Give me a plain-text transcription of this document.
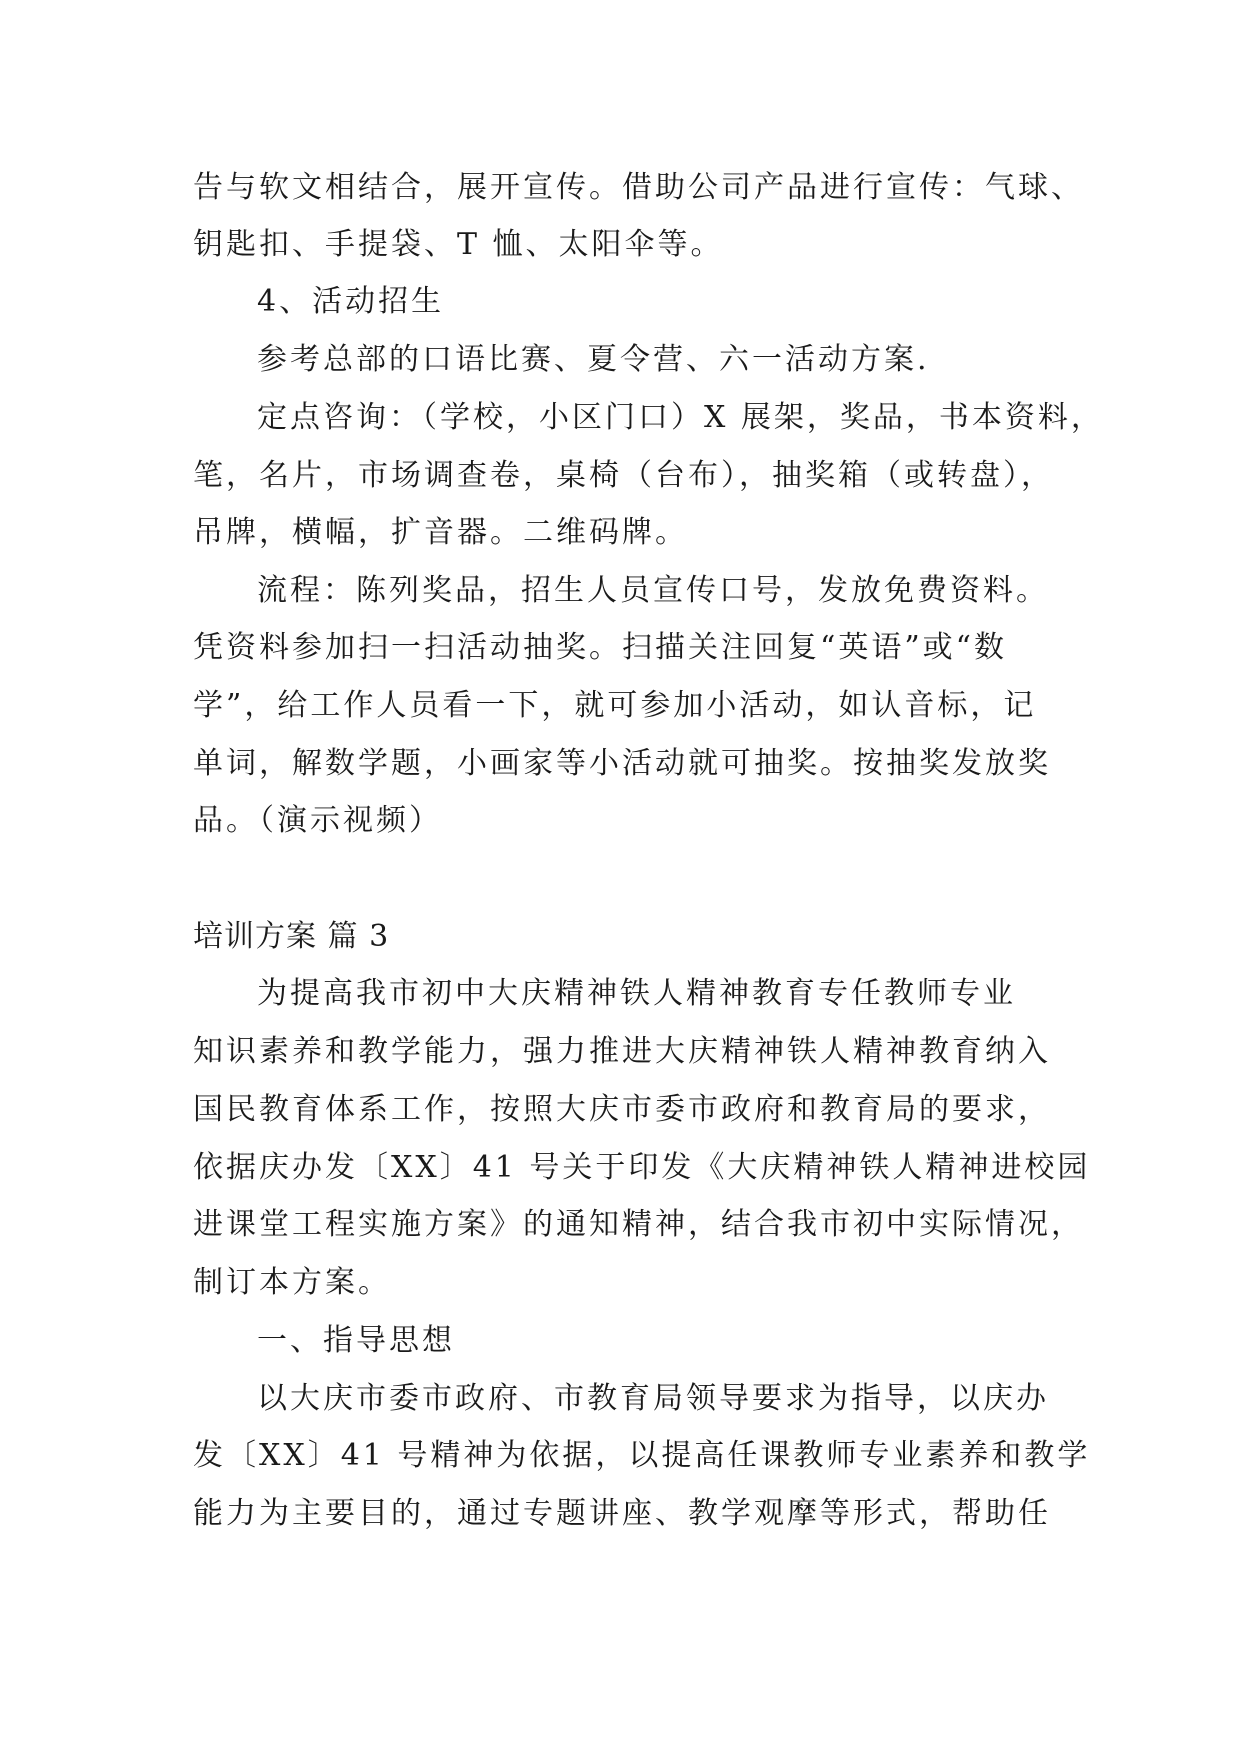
告与软文相结合，展开宣传。借助公司产品进行宣传：气球、
钥匙扣、手提袋、T 恤、太阳伞等。
4、活动招生
参考总部的口语比赛、夏令营、六一活动方案.
定点咨询：（学校，小区门口）X 展架，奖品，书本资料，
笔，名片，市场调查卷，桌椅（台布），抽奖箱（或转盘），
吊牌，横幅，扩音器。二维码牌。
流程：陈列奖品，招生人员宣传口号，发放免费资料。
凭资料参加扫一扫活动抽奖。扫描关注回复“英语”或“数
学”，给工作人员看一下，就可参加小活动，如认音标，记
单词，解数学题，小画家等小活动就可抽奖。按抽奖发放奖
品。（演示视频）
培训方案 篇 3
为提高我市初中大庆精神铁人精神教育专任教师专业
知识素养和教学能力，强力推进大庆精神铁人精神教育纳入
国民教育体系工作，按照大庆市委市政府和教育局的要求，
依据庆办发〔XX〕41 号关于印发《大庆精神铁人精神进校园
进课堂工程实施方案》的通知精神，结合我市初中实际情况，
制订本方案。
一、指导思想
以大庆市委市政府、市教育局领导要求为指导，以庆办
发〔XX〕41 号精神为依据，以提高任课教师专业素养和教学
能力为主要目的，通过专题讲座、教学观摩等形式，帮助任
